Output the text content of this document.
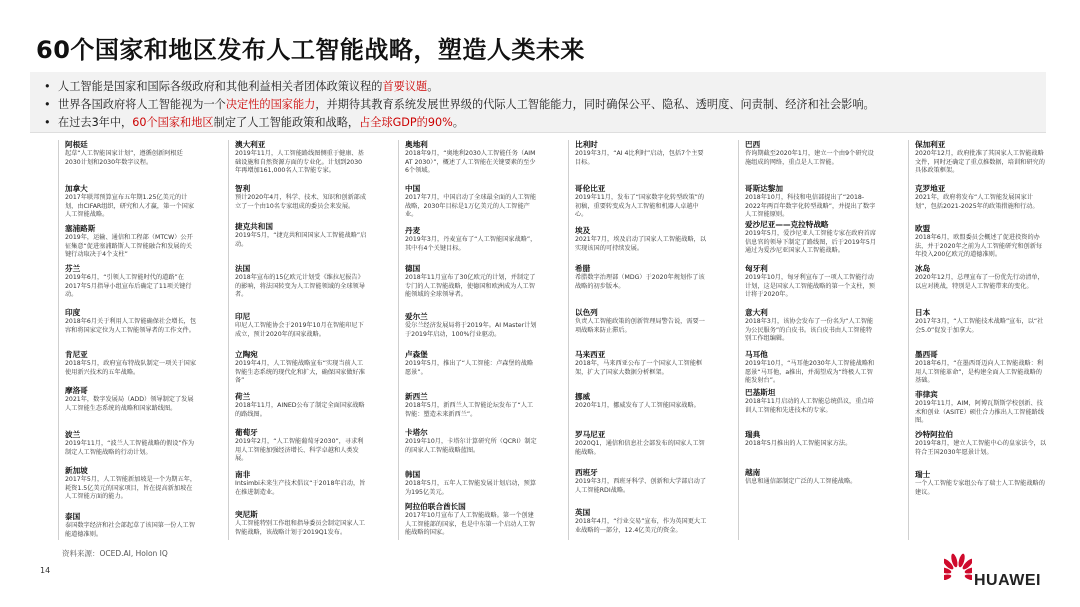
60个国家和地区发布人工智能战略，塑造人类未来
• 人工智能是国家和国际各级政府和其他利益相关者团体政策议程的首要议题。
• 世界各国政府将人工智能视为一个决定性的国家能力，并期待其教育系统发展世界级的代际人工智能能力，同时确保公平、隐私、透明度、问责制、经济和社会影响。
• 在过去3年中，60个国家和地区制定了人工智能政策和战略，占全球GDP的90%。
阿根廷
起草“人工智能国家计划”，遵循创新阿根廷2030计划和2030年数字议程。
加拿大
2017年联邦预算宣布五年期1.25亿美元的计划，由CIFAR组织，研究和人才赢，第一个国家人工智能战略。
塞浦路斯
2019年，运输、通信和工程部（MTCW）公开征集意“促进塞浦路斯人工智能融合和发展的关键行动取决于4个支柱”
芬兰
2019年6月，“引领人工智能时代的道路”在2017年5月指导小组宣布后确定了11项关键行动。
印度
2018年6月关于利用人工智能确保社会增长，包容和将国家定位为人工智能领导者的工作文件。
肯尼亚
2018年5月，政府宣布特战队制定一项关于国家使用新兴技术的五年战略。
摩洛哥
2021年，数字发展局（ADD）领导制定了发展人工智能生态系统的战略和国家路线图。
波兰
2019年11月，“波兰人工智能战略的假设”作为制定人工智能战略的行动计划。
新加坡
2017年5月，人工智能新加坡是一个为期五年，耗资1.5亿美元的国家项目，旨在提高新加坡在人工智能方面的能力。
泰国
泰国数字经济和社会部起草了该国第一份人工智能道德准则。
澳大利亚
2019年11月，人工智能路线图侧重于健康、基础设施和自然资源方面的专业化。计划到2030年再增加161,000名人工智能专家。
智利
预计2020年4月，科学、技术、知识和创新部成立了一个由10名专家组成的委员会来发展。
捷克共和国
2019年5月，“捷克共和国国家人工智能战略”启动。
法国
2018年宣布的15亿欧元计划受《维拉尼报告》的影响，将法国转变为人工智能领域的全球领导者。
印尼
印尼人工智能协会于2019年10月在智能印尼下成立，预计2020年的国家战略。
立陶宛
2019年4月，人工智能战略宣布“实现当前人工智能生态系统的现代化和扩大，确保国家做好准备”
荷兰
2018年11月，AINED公布了制定全面国家战略的路线图。
葡萄牙
2019年2月，“人工智能葡萄牙2030”，寻求利用人工智能加强经济增长、科学卓越和人类发展。
南非
Intsimbi未来生产技术倡议“于2018年启动，旨在推进制造业。
突尼斯
人工智能特别工作组和指导委员会制定国家人工智能战略，该战略计划于2019Q1发布。
奥地利
2018年9月，“奥地利2030人工智能任务（AIM AT 2030）”，概述了人工智能在关键要素的至少6个领域。
中国
2017年7月，中国启动了全球最全面的人工智能战略，2030年目标是1万亿美元的人工智能产业。
丹麦
2019年3月，丹麦宣布了“人工智能国家战略”，其中有4个关键目标。
德国
2018年11月宣布了30亿欧元的计划，并制定了专门的人工智能战略，使德国和欧洲成为人工智能领域的全球领导者。
爱尔兰
爱尔兰经济发展局将于2019年。AI Master计划于2019年启动，100%行业驱动。
卢森堡
2019年5月，推出了“人工智能：卢森堡的战略愿景”。
新西兰
2018年5月，新西兰人工智能论坛发布了“人工智能：塑造未来新西兰”。
卡塔尔
2019年10月，卡塔尔计算研究所（QCRI）制定的国家人工智能战略蓝图。
韩国
2018年5月，五年人工智能发展计划启动，预算为195亿美元。
阿拉伯联合酋长国
2017年10月宣布了人工智能战略。第一个创建人工智能部的国家，也是中东第一个启动人工智能战略的国家。
比利时
2019年3月，“AI 4比利时”启动，包括7个主要目标。
哥伦比亚
2019年11月，发布了“国家数字化转型政策”的初稿，重要转变成为人工智能和机器人卓越中心。
埃及
2021年7月，埃及启动了国家人工智能战略，以实现该国的可持续发展。
希腊
希腊数字治理部（MDG）于2020年规划作了该战略的初步版本。
以色列
负责人工智能政策的创新管理局警告说，需要一项战略来防止滞后。
马来西亚
2018年，马来西亚公布了一个国家人工智能框架，扩大了国家大数据分析框架。
挪威
2020年1月，挪威发布了人工智能国家战略。
罗马尼亚
2020Q1，通信和信息社会部发布的国家人工智能战略。
西班牙
2019年3月，西班牙科学、创新和大学部启动了人工智能RDI战略。
英国
2018年4月，“行业交易”宣布，作为英国更大工业战略的一部分，12.4亿美元的资金。
巴西
咨询期截至2020年1月，建立一个由9个研究设施组成的网络，重点是人工智能。
哥斯达黎加
2018年10月，科技和电信部提出了“2018-2022年两百年数字化转型战略”，并提出了数字人工智能原则。
爱沙尼亚——克拉特战略
2019年5月，爱沙尼亚人工智能专家在政府首席信息官的领导下制定了路线图，后于2019年5月通过为爱沙尼亚国家人工智能战略。
匈牙利
2019年10月，匈牙利宣布了一项人工智能行动计划，这是国家人工智能战略的第一个支柱，预计将于2020年。
意大利
2018年3月，该协会发布了一份名为“人工智能为公民服务”的白皮书。该白皮书由人工智能特别工作组编辑。
马耳他
2019年10月，“马耳他2030年人工智能战略和愿景“马耳他，a推出，并渴望成为“终极人工智能发射台”。
巴基斯坦
2018年11月启动的人工智能总统倡议，重点培训人工智能和先进技术的专家。
瑞典
2018年5月推出的人工智能国家方法。
越南
信息和通信部制定广泛的人工智能战略。
保加利亚
2020年12月，政府批准了其国家人工智能战略文件，同时还确定了重点推数据，培训和研究的具体政策框架。
克罗地亚
2021年，政府将发布“人工智能发展国家计划”，包括2021-2025年的政策措施和行动。
欧盟
2018年6月，欧盟委员会概述了促进投资的办法，并于2020年之前为人工智能研究和创新每年投入200亿欧元的道德准则。
冰岛
2020年12月，总理宣布了一份优先行动清单，以应对挑战，特别是人工智能带来的变化。
日本
2017年3月，“人工智能技术战略”宣布，以“社会5.0”促发于加拿大。
墨西哥
2018年6月，“在墨西哥迈向人工智能战略：利用人工智能革命”，是构建全面人工智能战略的基础。
菲律宾
2019年11月，AIM，阿博瓦斯斯学校创新、技术和创业（ASITE）硕仕合力推出人工智能路线图。
沙特阿拉伯
2019年8月，建立人工智能中心的皇家法令，以符合王国2030年愿景计划。
瑞士
一个人工智能专家组公布了瑞士人工智能战略的建议。
资料来源：OCED.AI, Holon IQ
14
HUAWEI
